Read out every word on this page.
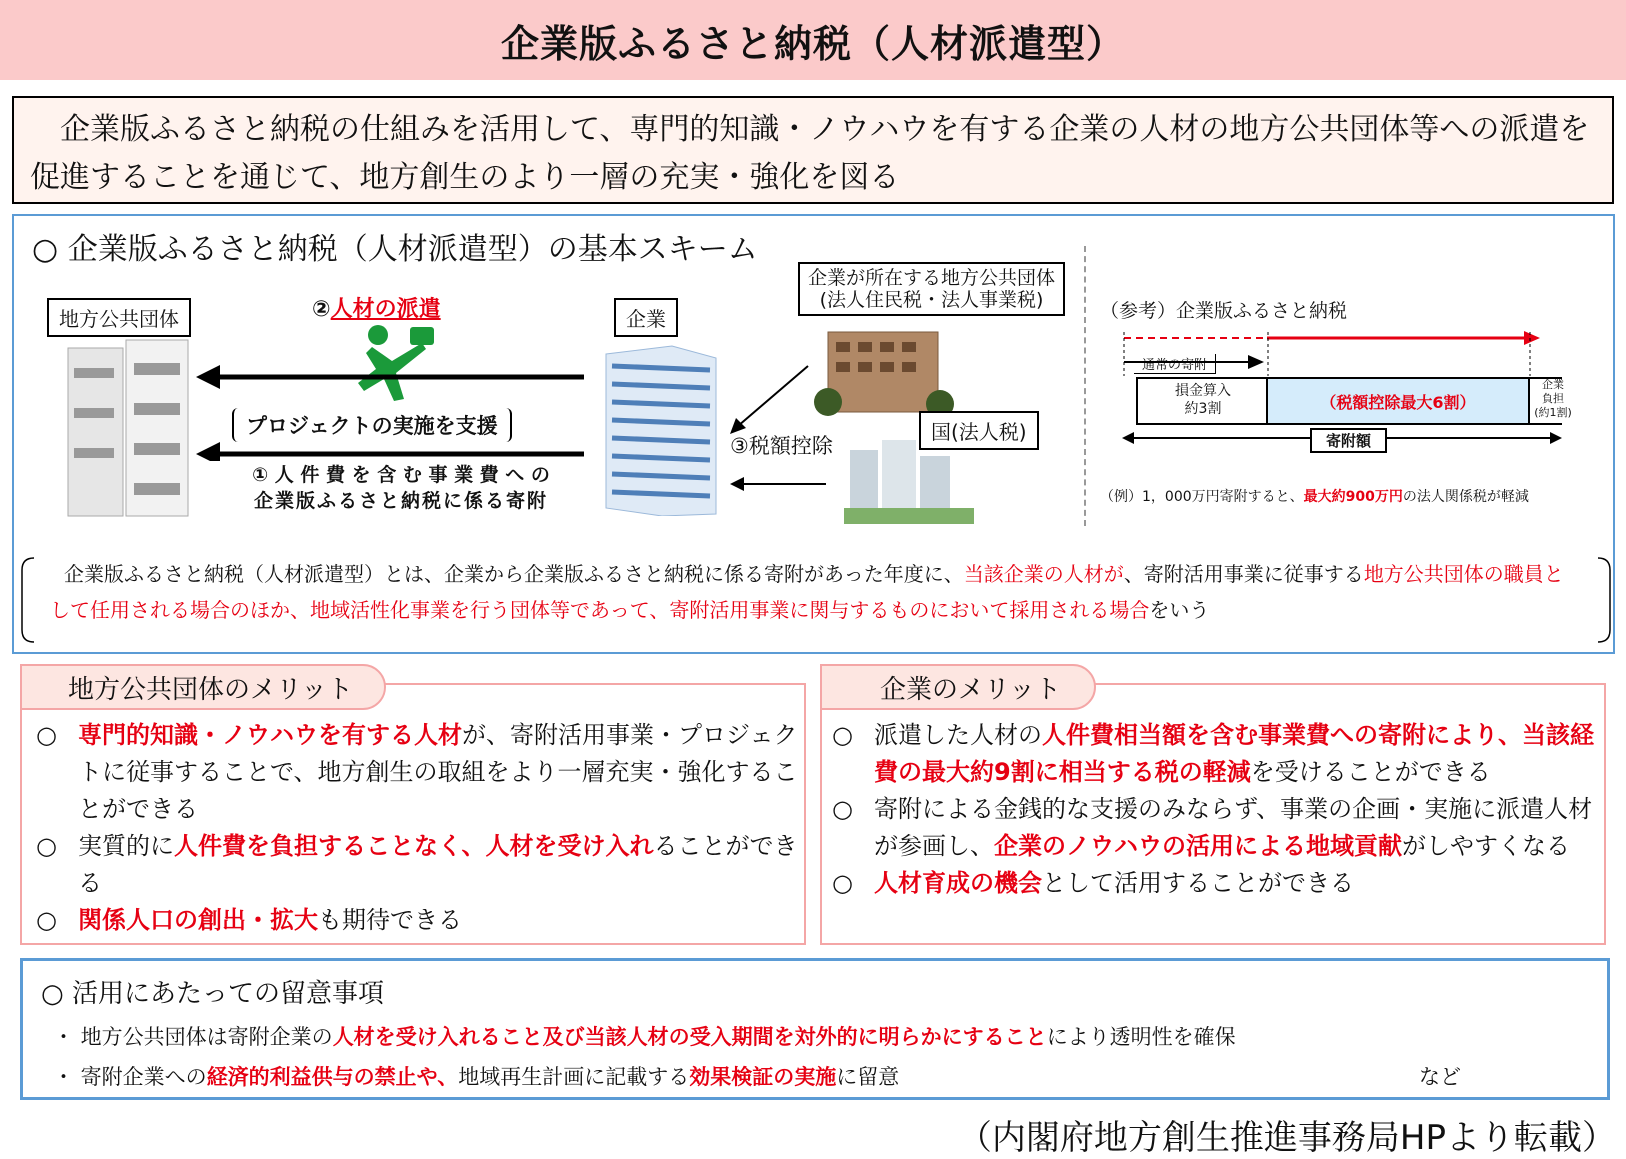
企業版ふるさと納税（人材派遣型）
企業版ふるさと納税の仕組みを活用して、専門的知識・ノウハウを有する企業の人材の地方公共団体等への派遣を促進することを通じて、地方創生のより一層の充実・強化を図る
○ 企業版ふるさと納税（人材派遣型）の基本スキーム
地方公共団体	②人材の派遣
プロジェクトの実施を支援
① 人 件 費 を 含 む 事 業 費 へ の
企業版ふるさと納税に係る寄附
企業
企業が所在する地方公共団体
(法人住民税・法人事業税)
国(法人税)
③税額控除
（参考）企業版ふるさと納税
通常の寄附
損金算入
約3割	（税額控除最大6割）
企業
負担
(約1割)
寄附額
（例）1，000万円寄附すると、最大約900万円の法人関係税が軽減
企業版ふるさと納税（人材派遣型）とは、企業から企業版ふるさと納税に係る寄附があった年度に、当該企業の人材が、寄附活用事業に従事する地方公共団体の職員として任用される場合のほか、地域活性化事業を行う団体等であって、寄附活用事業に関与するものにおいて採用される場合をいう
○ 専門的知識・ノウハウを有する人材が、寄附活用事業・プロジェクトに従事することで、地方創生の取組をより一層充実・強化することができる
○ 実質的に人件費を負担することなく、人材を受け入れることができる
○ 関係人口の創出・拡大も期待できる
地方公共団体のメリット
○ 派遣した人材の人件費相当額を含む事業費への寄附により、当該経費の最大約9割に相当する税の軽減を受けることができる
○ 寄附による金銭的な支援のみならず、事業の企画・実施に派遣人材が参画し、企業のノウハウの活用による地域貢献がしやすくなる
○ 人材育成の機会として活用することができる
企業のメリット
○ 活用にあたっての留意事項
・ 地方公共団体は寄附企業の人材を受け入れること及び当該人材の受入期間を対外的に明らかにすることにより透明性を確保
・ 寄附企業への経済的利益供与の禁止や、地域再生計画に記載する効果検証の実施に留意	など
（内閣府地方創生推進事務局HPより転載）
